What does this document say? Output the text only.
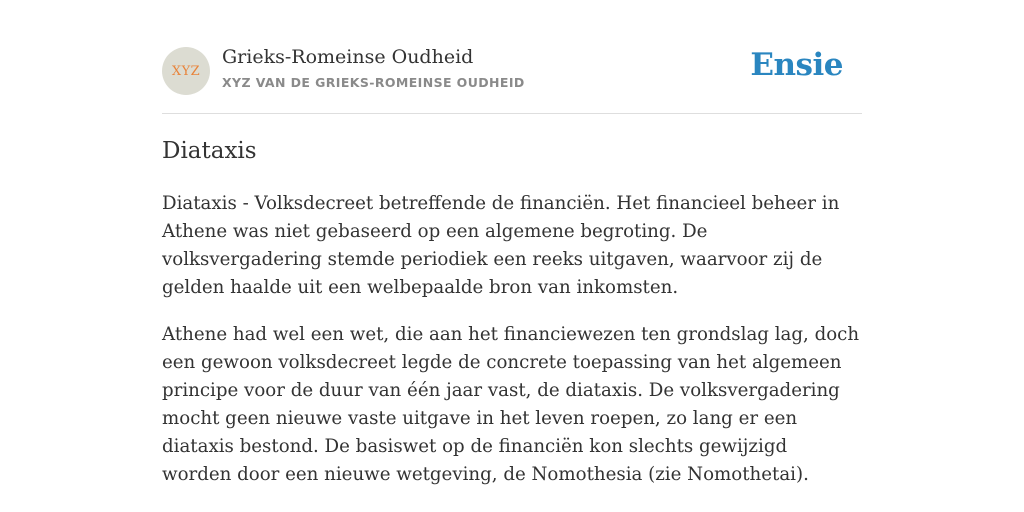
XYZ
Grieks-Romeinse Oudheid
XYZ VAN DE GRIEKS-ROMEINSE OUDHEID	Ensie
Diataxis

Diataxis - Volksdecreet betreffende de financiën. Het financieel beheer in Athene was niet gebaseerd op een algemene begroting. De volksvergadering stemde periodiek een reeks uitgaven, waarvoor zij de gelden haalde uit een welbepaalde bron van inkomsten.

Athene had wel een wet, die aan het financiewezen ten grondslag lag, doch een gewoon volksdecreet legde de concrete toepassing van het algemeen principe voor de duur van één jaar vast, de diataxis. De volksvergadering mocht geen nieuwe vaste uitgave in het leven roepen, zo lang er een diataxis bestond. De basiswet op de financiën kon slechts gewijzigd worden door een nieuwe wetgeving, de Nomothesia (zie Nomothetai).
